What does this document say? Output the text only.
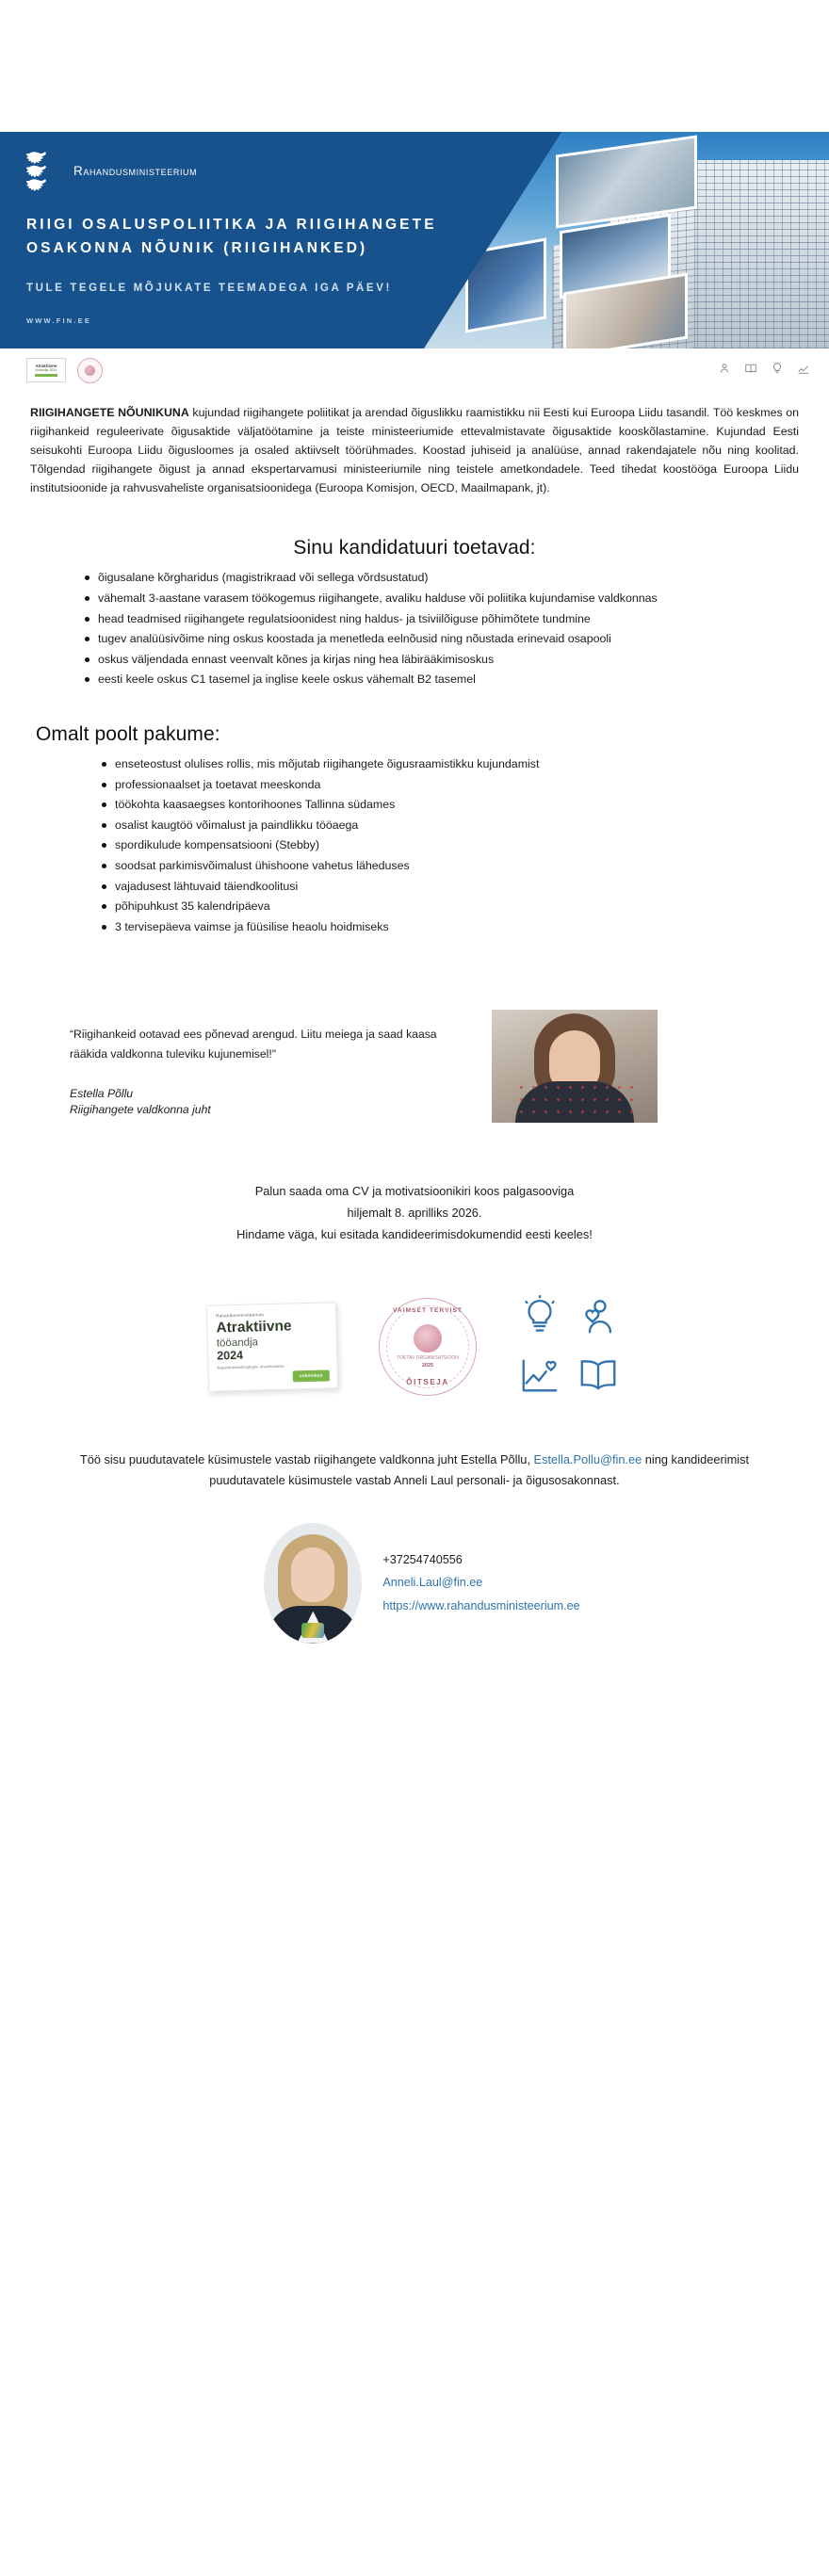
Rahandusministeerium
RIIGI OSALUSPOLIITIKA JA RIIGIHANGETE OSAKONNA NÕUNIK (RIIGIHANKED)
TULE TEGELE MÕJUKATE TEEMADEGA IGA PÄEV!
WWW.FIN.EE
Atraktiivne
tööandja 2024

RIIGIHANGETE NÕUNIKUNA kujundad riigihangete poliitikat ja arendad õiguslikku raamistikku nii Eesti kui Euroopa Liidu tasandil. Töö keskmes on riigihankeid reguleerivate õigusaktide väljatöötamine ja teiste ministeeriumide ettevalmistavate õigusaktide kooskõlastamine. Kujundad Eesti seisukohti Euroopa Liidu õigusloomes ja osaled aktiivselt töörühmades. Koostad juhiseid ja analüüse, annad rakendajatele nõu ning koolitad. Tõlgendad riigihangete õigust ja annad ekspertarvamusi ministeeriumile ning teistele ametkondadele. Teed tihedat koostööga Euroopa Liidu institutsioonide ja rahvusvaheliste organisatsioonidega (Euroopa Komisjon, OECD, Maailmapank, jt).

Sinu kandidatuuri toetavad:
õigusalane kõrgharidus (magistrikraad või sellega võrdsustatud)
vähemalt 3-aastane varasem töökogemus riigihangete, avaliku halduse või poliitika kujundamise valdkonnas
head teadmised riigihangete regulatsioonidest ning haldus- ja tsiviilõiguse põhimõtete tundmine
tugev analüüsivõime ning oskus koostada ja menetleda eelnõusid ning nõustada erinevaid osapooli
oskus väljendada ennast veenvalt kõnes ja kirjas ning hea läbirääkimisoskus
eesti keele oskus C1 tasemel ja inglise keele oskus vähemalt B2 tasemel
Omalt poolt pakume:
enseteostust olulises rollis, mis mõjutab riigihangete õigusraamistikku kujundamist
professionaalset ja toetavat meeskonda
töökohta kaasaegses kontorihoones Tallinna südames
osalist kaugtöö võimalust ja paindlikku tööaega
spordikulude kompensatsiooni (Stebby)
soodsat parkimisvõimalust ühishoone vahetus läheduses
vajadusest lähtuvaid täiendkoolitusi
põhipuhkust 35 kalendripäeva
3 tervisepäeva vaimse ja füüsilise heaolu hoidmiseks
“Riigihankeid ootavad ees põnevad arengud. Liitu meiega ja saad kaasa rääkida valdkonna tuleviku kujunemisel!"
Estella Põllu
Riigihangete valdkonna juht
Palun saada oma CV ja motivatsioonikiri koos palgasooviga
hiljemalt 8. aprilliks 2026.
Hindame väga, kui esitada kandideerimisdokumendid eesti keeles!
Rahandusministeerium
Atraktiivne
tööandja
2024
Majanduskoolitusjärgne arvestusaasta
cvkeskus
VAIMSET TERVIST
TOETAV ORGANISATSIOON
2025
ÕITSEJA
Töö sisu puudutavatele küsimustele vastab riigihangete valdkonna juht Estella Põllu, Estella.Pollu@fin.ee ning kandideerimist puudutavatele küsimustele vastab Anneli Laul personali- ja õigusosakonnast.
+37254740556
Anneli.Laul@fin.ee
https://www.rahandusministeerium.ee
